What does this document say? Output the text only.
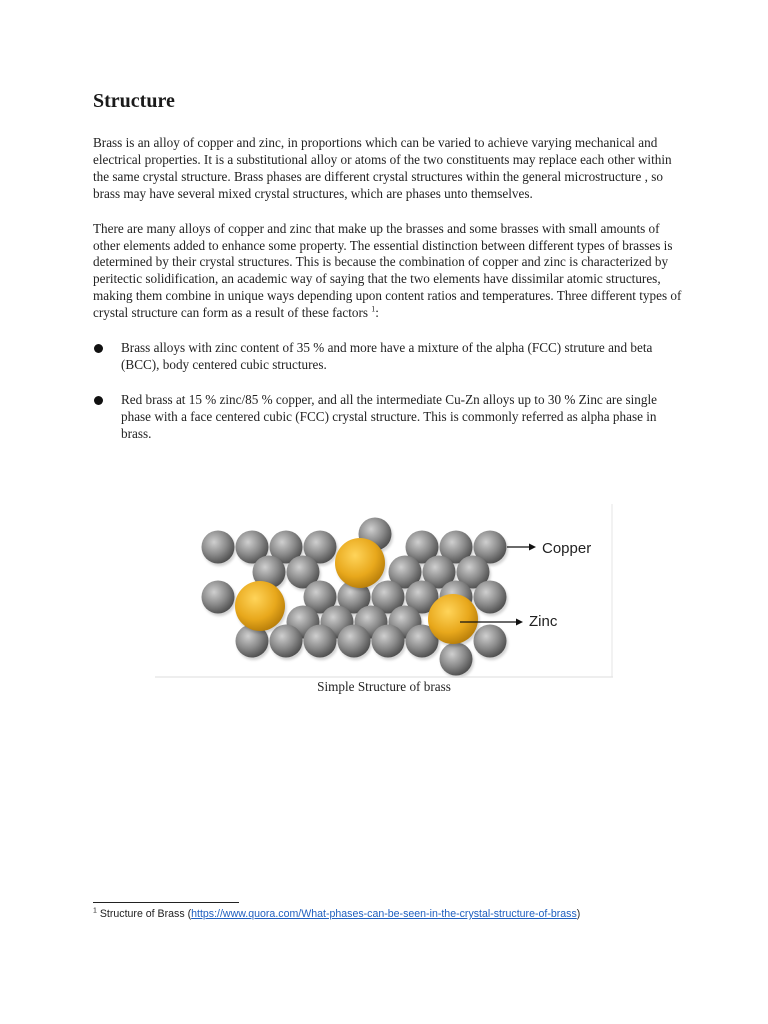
Structure

Brass is an alloy of copper and zinc, in proportions which can be varied to achieve varying mechanical and electrical properties. It is a substitutional alloy or atoms of the two constituents may replace each other within the same crystal structure. Brass phases are different crystal structures within the general microstructure , so brass may have several mixed crystal structures, which are phases unto themselves.

There are many alloys of copper and zinc that make up the brasses and some brasses with small amounts of other elements added to enhance some property. The essential distinction between different types of brasses is determined by their crystal structures. This is because the combination of copper and zinc is characterized by peritectic solidification, an academic way of saying that the two elements have dissimilar atomic structures, making them combine in unique ways depending upon content ratios and temperatures. Three different types of crystal structure can form as a result of these factors $^1$:

Brass alloys with zinc content of 35 % and more have a mixture of the alpha (FCC) struture and beta (BCC), body centered cubic structures.
Red brass at 15 % zinc/85 % copper, and all the intermediate Cu-Zn alloys up to 30 % Zinc are single phase with a face centered cubic (FCC) crystal structure. This is commonly referred as alpha phase in brass.
Copper
Zinc
Simple Structure of brass
$^1$ Structure of Brass (https://www.quora.com/What-phases-can-be-seen-in-the-crystal-structure-of-brass)
